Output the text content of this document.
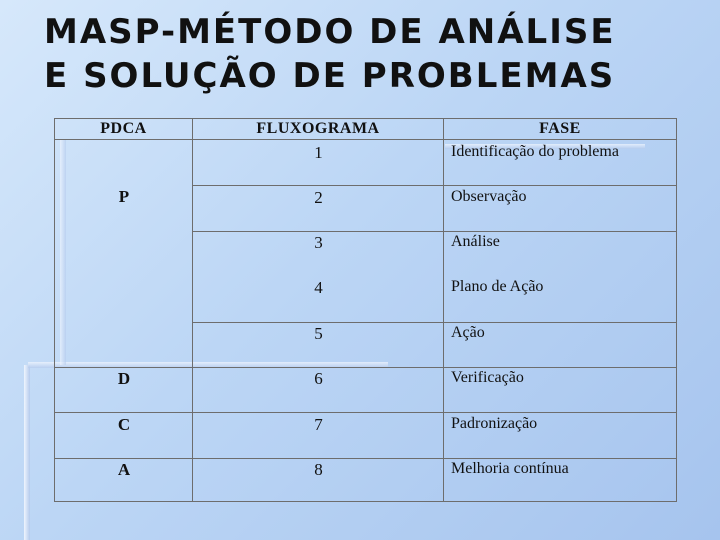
MASP-MÉTODO DE ANÁLISE
E SOLUÇÃO DE PROBLEMAS
PDCA	FLUXOGRAMA	FASE
P
D
C
A
1
2
3
4
5
6
7
8
Identificação do problema
Observação
Análise
Plano de Ação
Ação
Verificação
Padronização
Melhoria contínua
